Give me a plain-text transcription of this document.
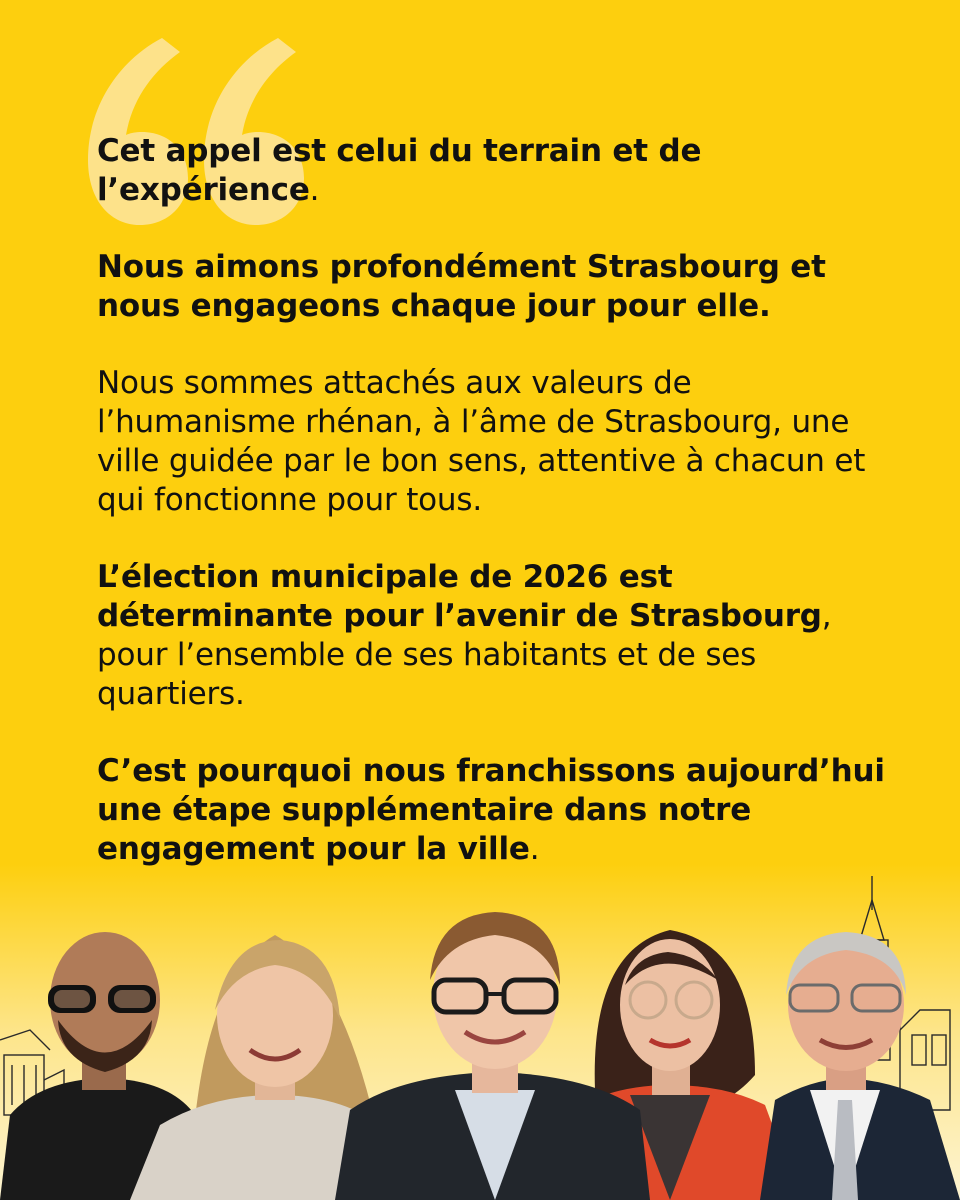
Cet appel est celui du terrain et de l’expérience.

Nous aimons profondément Strasbourg et nous engageons chaque jour pour elle.

Nous sommes attachés aux valeurs de l’humanisme rhénan, à l’âme de Strasbourg, une ville guidée par le bon sens, attentive à chacun et qui fonctionne pour tous.

L’élection municipale de 2026 est déterminante pour l’avenir de Strasbourg, pour l’ensemble de ses habitants et de ses quartiers.

C’est pourquoi nous franchissons aujourd’hui une étape supplémentaire dans notre engagement pour la ville.
